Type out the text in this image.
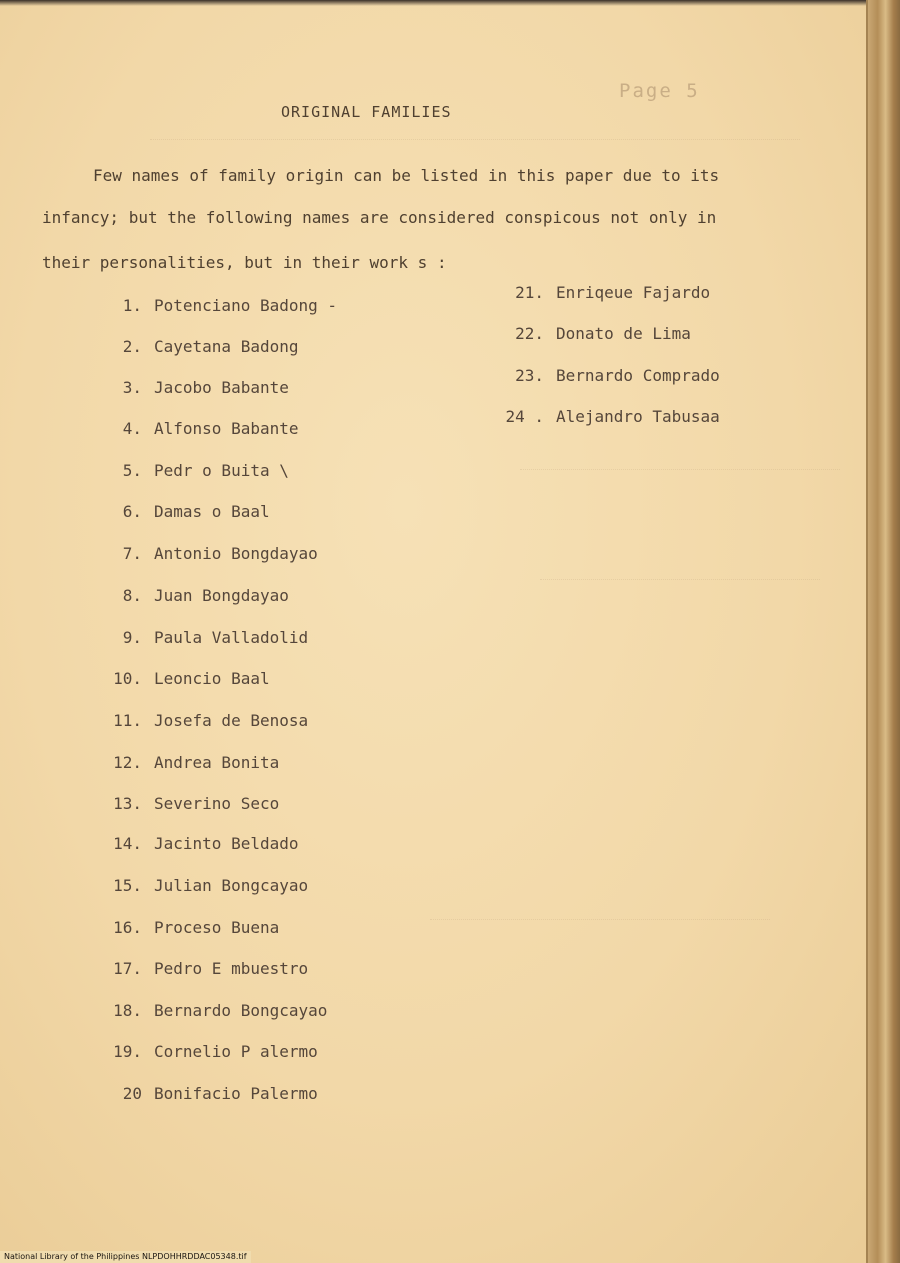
Page 5
ORIGINAL FAMILIES
Few names of family origin can be listed in this paper due to its
infancy; but the following names are considered conspicous not only in
their personalities, but in their work s :
1. Potenciano Badong -
2. Cayetana Badong
3. Jacobo Babante
4. Alfonso Babante
5. Pedr o Buita \
6. Damas o Baal
7. Antonio Bongdayao
8. Juan Bongdayao
9. Paula Valladolid
10. Leoncio Baal
11. Josefa de Benosa
12. Andrea Bonita
13. Severino Seco
14. Jacinto Beldado
15. Julian Bongcayao
16. Proceso Buena
17. Pedro E mbuestro
18. Bernardo Bongcayao
19. Cornelio P alermo
20 Bonifacio Palermo
21. Enriqeue Fajardo
22. Donato de Lima
23. Bernardo Comprado
24 . Alejandro Tabusaa
National Library of the Philippines NLPDOHHRDDAC05348.tif
